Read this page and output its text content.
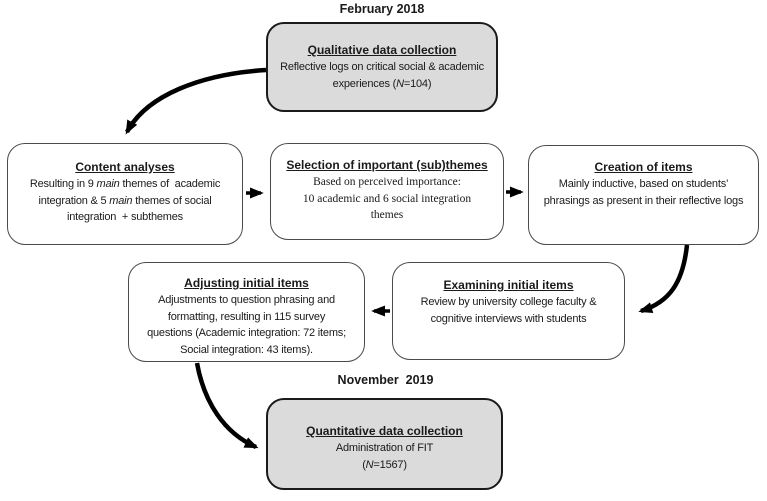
February 2018
November  2019
Qualitative data collection
Reflective logs on critical social & academic
experiences (N=104)
Content analyses
Resulting in 9 main themes of  academic
integration & 5 main themes of social
integration  + subthemes
Selection of important (sub)themes
Based on perceived importance:
10 academic and 6 social integration
themes
Creation of items
Mainly inductive, based on students’
phrasings as present in their reflective logs
Adjusting initial items
Adjustments to question phrasing and
formatting, resulting in 115 survey
questions (Academic integration: 72 items;
Social integration: 43 items).
Examining initial items
Review by university college faculty &
cognitive interviews with students
Quantitative data collection
Administration of FIT
(N=1567)
